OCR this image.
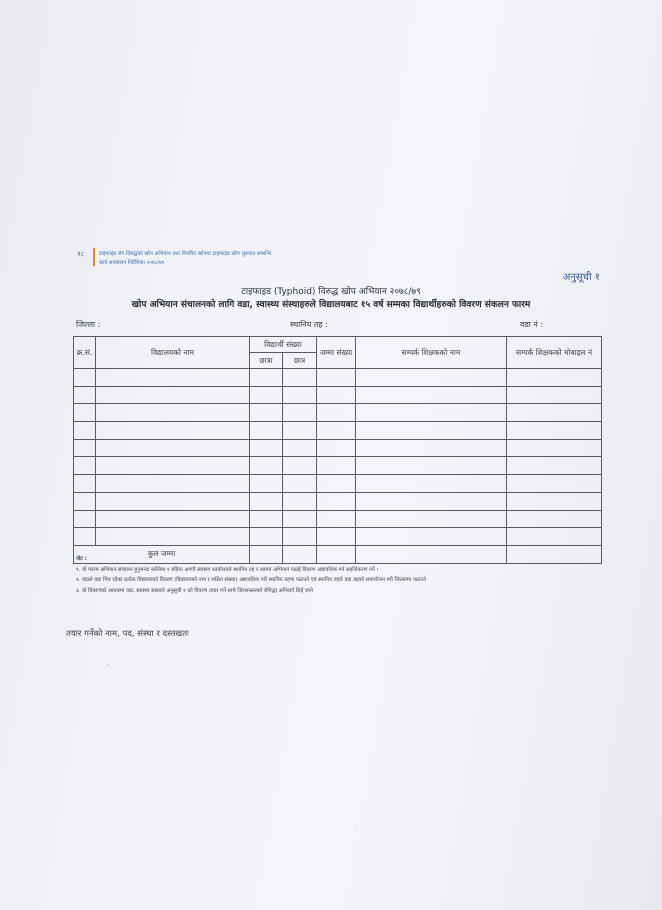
१८	टाइफाइड रोग विरुद्धको खोप अभियान तथा नियमित खोपमा टाइफाइड खोप शुरुवात सम्बन्धि
कार्य सञ्चालन निर्देशिका २०७८/७९
अनुसूची १
टाइफाइड (Typhoid) विरुद्ध खोप अभियान २०७८/७९
खोप अभियान संचालनको लागि वडा, स्वास्थ्य संस्थाहरुले विद्यालयबाट १५ वर्ष सम्मका विद्यार्थीहरुको विवरण संकलन फारम
जिल्ला :	स्थानिय तह :	वडा नं :
क्र.सं.	विद्यालयको नाम	विद्यार्थी संख्या		जम्मा संख्या	सम्पर्क शिक्षकको नाम	सम्पर्क शिक्षकको मोबाइल नं
		छात्रा	छात्र			

कुल जम्मा						
नोट :
१. यो फारम अभियान संचालन हुनुभन्दा कम्तिमा १ महिना अगावै स्वास्थ्य कार्यालयले स्थानिय तह र वडामा अभियानं पठाई विवरण अद्यावधिक गर्न सहजिकरण गर्ने ।
२. वडाले वडा भित्र रहेका प्रत्येक विद्यालयको विवरण (विद्यालयको नाम र शक्षित संख्या) अद्यावधिक गरी स्थानिय तहमा पठाउने एवं स्थानिय तहले वडा तहको समायोजन गरी जिल्लामा पठाउने
३. यो विवरणको आधारमा वडा, स्वास्थ्य संस्थाले अनुसूची २ को विवरण तयार गर्ने साथै जिल्लास्तरको रोगिद्धा अनिवार्य लिई जाने
तयार गर्नेको नाम, पद, संस्था र दस्तखतः
·
·
